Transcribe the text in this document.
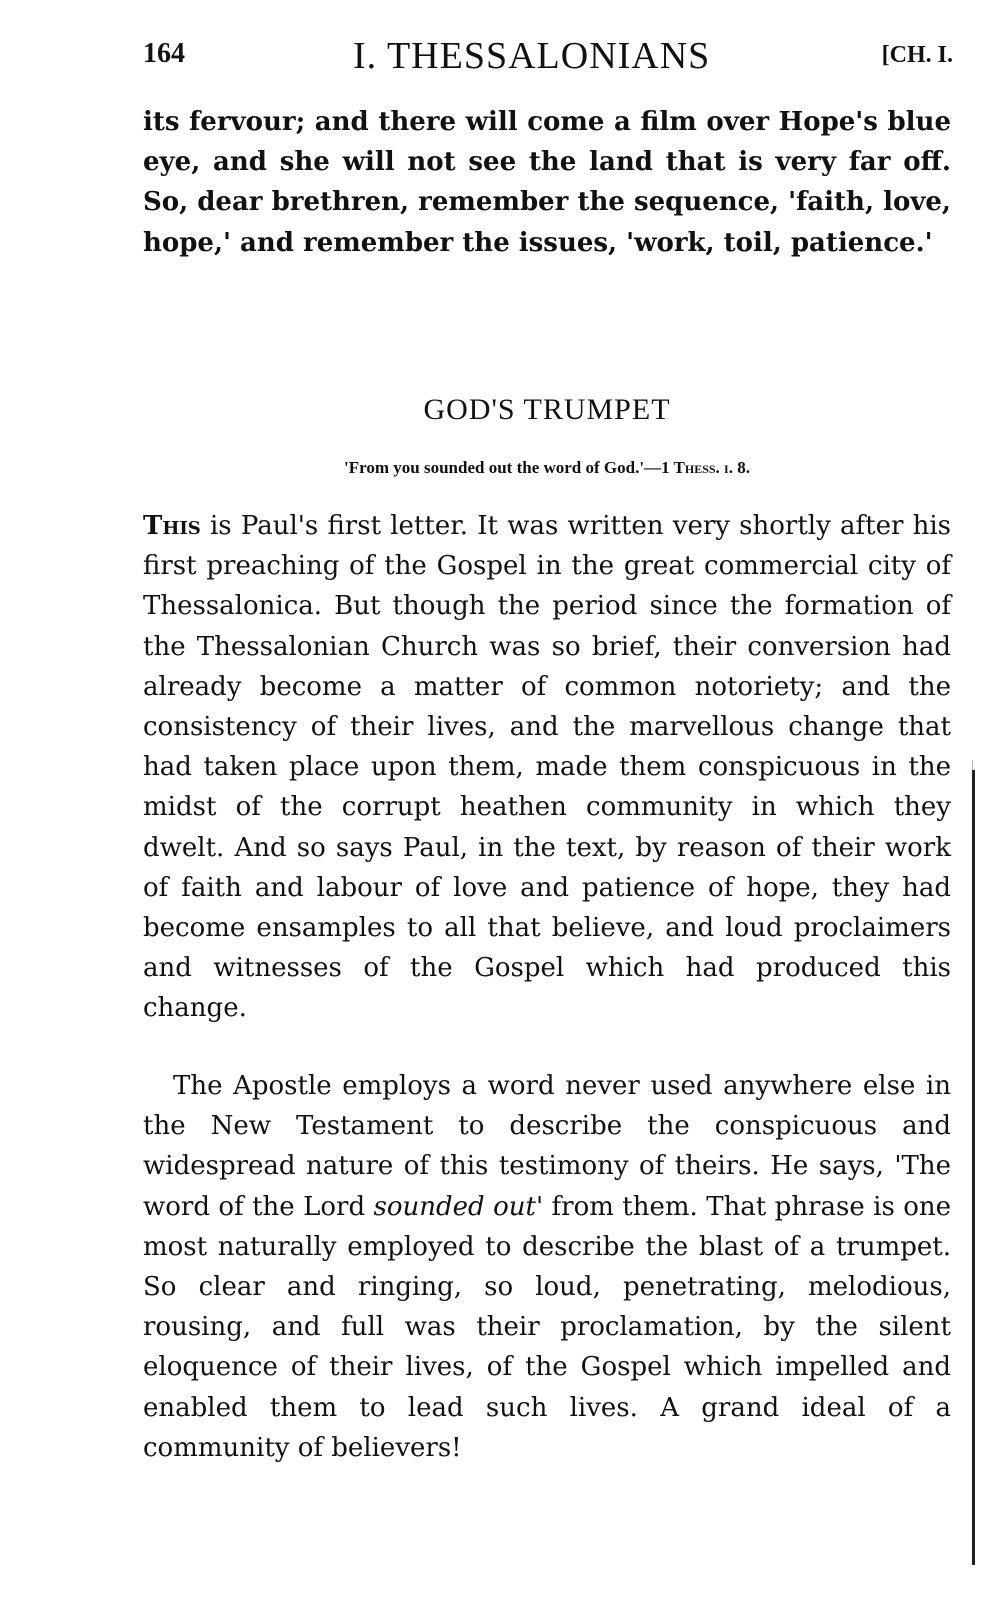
164	I. THESSALONIANS	[CH. I.

its fervour; and there will come a film over Hope's blue eye, and she will not see the land that is very far off. So, dear brethren, remember the sequence, 'faith, love, hope,' and remember the issues, 'work, toil, patience.'

GOD'S TRUMPET
'From you sounded out the word of God.'—1 Thess. i. 8.

This is Paul's first letter. It was written very shortly after his first preaching of the Gospel in the great commercial city of Thessalonica. But though the period since the formation of the Thessalonian Church was so brief, their conversion had already become a matter of common notoriety; and the consistency of their lives, and the marvellous change that had taken place upon them, made them conspicuous in the midst of the corrupt heathen community in which they dwelt. And so says Paul, in the text, by reason of their work of faith and labour of love and patience of hope, they had become ensamples to all that believe, and loud proclaimers and witnesses of the Gospel which had produced this change.

The Apostle employs a word never used anywhere else in the New Testament to describe the conspicuous and widespread nature of this testimony of theirs. He says, 'The word of the Lord sounded out' from them. That phrase is one most naturally employed to describe the blast of a trumpet. So clear and ringing, so loud, penetrating, melodious, rousing, and full was their proclamation, by the silent eloquence of their lives, of the Gospel which impelled and enabled them to lead such lives. A grand ideal of a community of believers!
